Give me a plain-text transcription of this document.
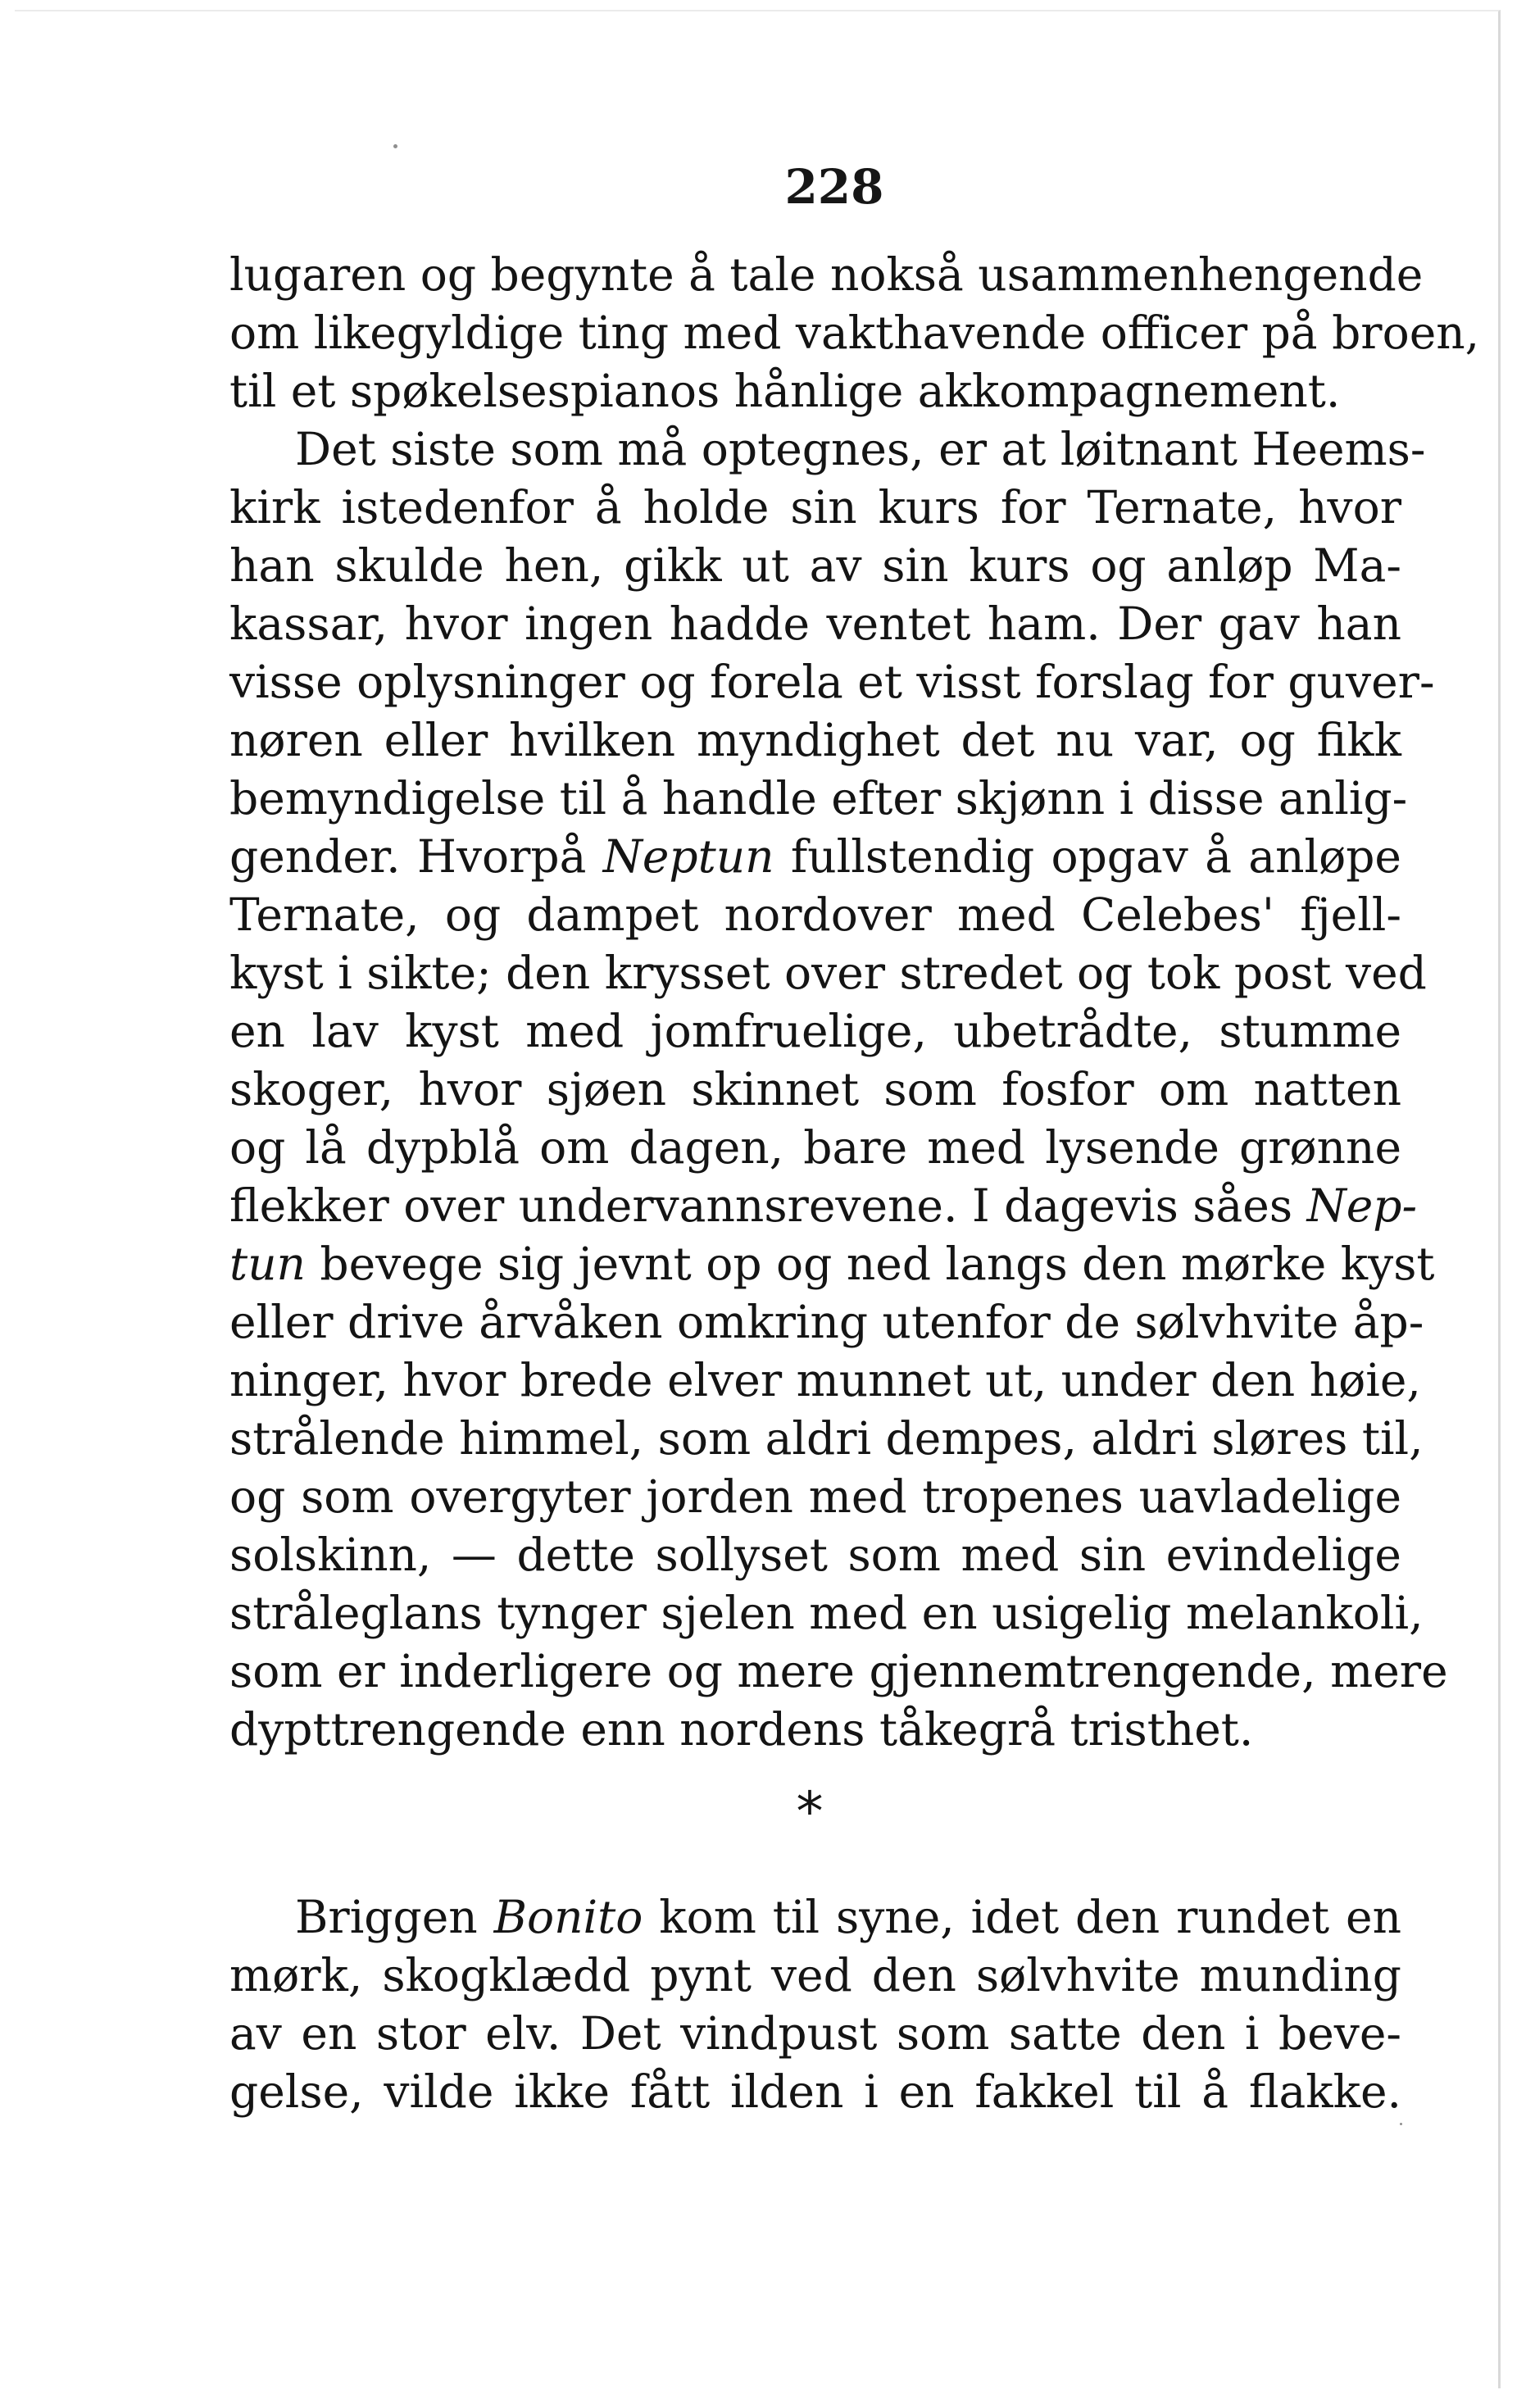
228
lugaren og begynte å tale nokså usammenhengende
om likegyldige ting med vakthavende officer på broen,
til et spøkelsespianos hånlige akkompagnement.
Det siste som må optegnes, er at løitnant Heems-
kirk istedenfor å holde sin kurs for Ternate, hvor
han skulde hen, gikk ut av sin kurs og anløp Ma-
kassar, hvor ingen hadde ventet ham. Der gav han
visse oplysninger og forela et visst forslag for guver-
nøren eller hvilken myndighet det nu var, og fikk
bemyndigelse til å handle efter skjønn i disse anlig-
gender. Hvorpå Neptun fullstendig opgav å anløpe
Ternate, og dampet nordover med Celebes' fjell-
kyst i sikte; den krysset over stredet og tok post ved
en lav kyst med jomfruelige, ubetrådte, stumme
skoger, hvor sjøen skinnet som fosfor om natten
og lå dypblå om dagen, bare med lysende grønne
flekker over undervannsrevene. I dagevis såes Nep-
tun bevege sig jevnt op og ned langs den mørke kyst
eller drive årvåken omkring utenfor de sølvhvite åp-
ninger, hvor brede elver munnet ut, under den høie,
strålende himmel, som aldri dempes, aldri sløres til,
og som overgyter jorden med tropenes uavladelige
solskinn, — dette sollyset som med sin evindelige
stråleglans tynger sjelen med en usigelig melankoli,
som er inderligere og mere gjennemtrengende, mere
dypttrengende enn nordens tåkegrå tristhet.
*
Briggen Bonito kom til syne, idet den rundet en
mørk, skogklædd pynt ved den sølvhvite munding
av en stor elv. Det vindpust som satte den i beve-
gelse, vilde ikke fått ilden i en fakkel til å flakke.
